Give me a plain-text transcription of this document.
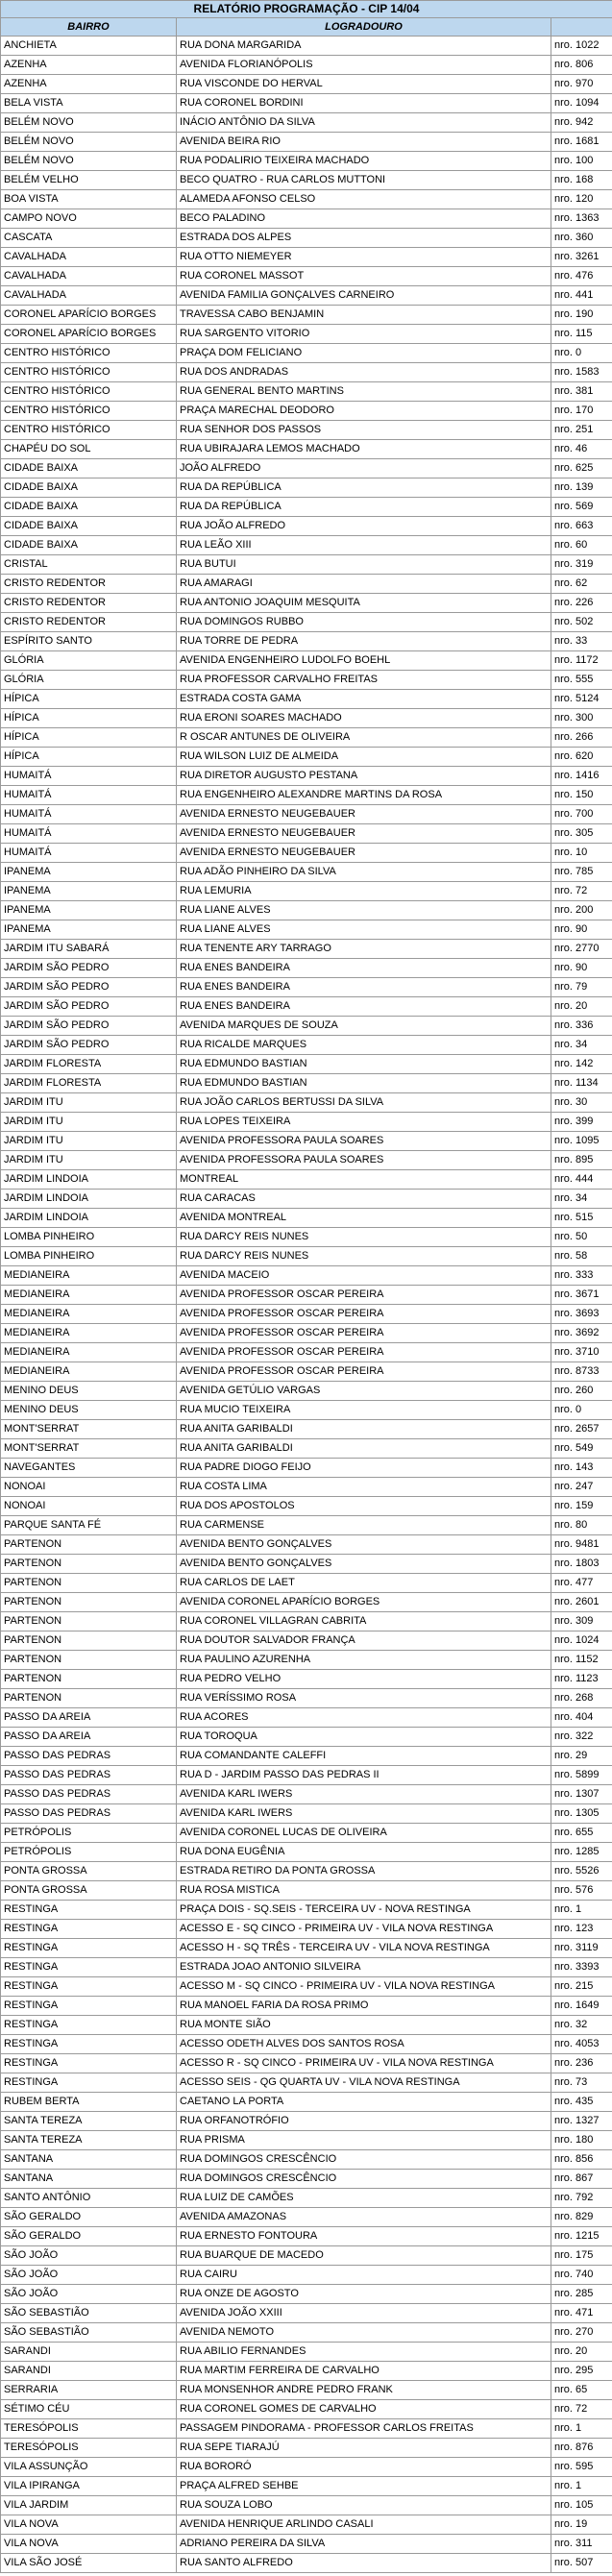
RELATÓRIO PROGRAMAÇÃO - CIP 14/04		
BAIRRO	LOGRADOURO	
ANCHIETA	RUA DONA MARGARIDA	nro. 1022
AZENHA	AVENIDA FLORIANÓPOLIS	nro. 806
AZENHA	RUA VISCONDE DO HERVAL	nro. 970
BELA VISTA	RUA CORONEL BORDINI	nro. 1094
BELÉM NOVO	INÁCIO ANTÔNIO DA SILVA	nro. 942
BELÉM NOVO	AVENIDA BEIRA RIO	nro. 1681
BELÉM NOVO	RUA PODALIRIO TEIXEIRA MACHADO	nro. 100
BELÉM VELHO	BECO QUATRO - RUA CARLOS MUTTONI	nro. 168
BOA VISTA	ALAMEDA AFONSO CELSO	nro. 120
CAMPO NOVO	BECO PALADINO	nro. 1363
CASCATA	ESTRADA DOS ALPES	nro. 360
CAVALHADA	RUA OTTO NIEMEYER	nro. 3261
CAVALHADA	RUA CORONEL MASSOT	nro. 476
CAVALHADA	AVENIDA FAMILIA GONÇALVES CARNEIRO	nro. 441
CORONEL APARÍCIO BORGES	TRAVESSA CABO BENJAMIN	nro. 190
CORONEL APARÍCIO BORGES	RUA SARGENTO VITORIO	nro. 115
CENTRO HISTÓRICO	PRAÇA DOM FELICIANO	nro. 0
CENTRO HISTÓRICO	RUA DOS ANDRADAS	nro. 1583
CENTRO HISTÓRICO	RUA GENERAL BENTO MARTINS	nro. 381
CENTRO HISTÓRICO	PRAÇA MARECHAL DEODORO	nro. 170
CENTRO HISTÓRICO	RUA SENHOR DOS PASSOS	nro. 251
CHAPÉU DO SOL	RUA UBIRAJARA LEMOS MACHADO	nro. 46
CIDADE BAIXA	JOÃO ALFREDO	nro. 625
CIDADE BAIXA	RUA DA REPÚBLICA	nro. 139
CIDADE BAIXA	RUA DA REPÚBLICA	nro. 569
CIDADE BAIXA	RUA JOÃO ALFREDO	nro. 663
CIDADE BAIXA	RUA LEÃO XIII	nro. 60
CRISTAL	RUA BUTUI	nro. 319
CRISTO REDENTOR	RUA AMARAGI	nro. 62
CRISTO REDENTOR	RUA ANTONIO JOAQUIM MESQUITA	nro. 226
CRISTO REDENTOR	RUA DOMINGOS RUBBO	nro. 502
ESPÍRITO SANTO	RUA TORRE DE PEDRA	nro. 33
GLÓRIA	AVENIDA ENGENHEIRO LUDOLFO BOEHL	nro. 1172
GLÓRIA	RUA PROFESSOR CARVALHO FREITAS	nro. 555
HÍPICA	ESTRADA COSTA GAMA	nro. 5124
HÍPICA	RUA ERONI SOARES MACHADO	nro. 300
HÍPICA	R OSCAR ANTUNES DE OLIVEIRA	nro. 266
HÍPICA	RUA WILSON LUIZ DE ALMEIDA	nro. 620
HUMAITÁ	RUA DIRETOR AUGUSTO PESTANA	nro. 1416
HUMAITÁ	RUA ENGENHEIRO ALEXANDRE MARTINS DA ROSA	nro. 150
HUMAITÁ	AVENIDA ERNESTO NEUGEBAUER	nro. 700
HUMAITÁ	AVENIDA ERNESTO NEUGEBAUER	nro. 305
HUMAITÁ	AVENIDA ERNESTO NEUGEBAUER	nro. 10
IPANEMA	RUA ADÃO PINHEIRO DA SILVA	nro. 785
IPANEMA	RUA LEMURIA	nro. 72
IPANEMA	RUA LIANE ALVES	nro. 200
IPANEMA	RUA LIANE ALVES	nro. 90
JARDIM ITU SABARÁ	RUA TENENTE ARY TARRAGO	nro. 2770
JARDIM SÃO PEDRO	RUA ENES BANDEIRA	nro. 90
JARDIM SÃO PEDRO	RUA ENES BANDEIRA	nro. 79
JARDIM SÃO PEDRO	RUA ENES BANDEIRA	nro. 20
JARDIM SÃO PEDRO	AVENIDA MARQUES DE SOUZA	nro. 336
JARDIM SÃO PEDRO	RUA RICALDE MARQUES	nro. 34
JARDIM FLORESTA	RUA EDMUNDO BASTIAN	nro. 142
JARDIM FLORESTA	RUA EDMUNDO BASTIAN	nro. 1134
JARDIM ITU	RUA JOÃO CARLOS BERTUSSI DA SILVA	nro. 30
JARDIM ITU	RUA LOPES TEIXEIRA	nro. 399
JARDIM ITU	AVENIDA PROFESSORA PAULA SOARES	nro. 1095
JARDIM ITU	AVENIDA PROFESSORA PAULA SOARES	nro. 895
JARDIM LINDOIA	MONTREAL	nro. 444
JARDIM LINDOIA	RUA CARACAS	nro. 34
JARDIM LINDOIA	AVENIDA MONTREAL	nro. 515
LOMBA PINHEIRO	RUA DARCY REIS NUNES	nro. 50
LOMBA PINHEIRO	RUA DARCY REIS NUNES	nro. 58
MEDIANEIRA	AVENIDA MACEIO	nro. 333
MEDIANEIRA	AVENIDA PROFESSOR OSCAR PEREIRA	nro. 3671
MEDIANEIRA	AVENIDA PROFESSOR OSCAR PEREIRA	nro. 3693
MEDIANEIRA	AVENIDA PROFESSOR OSCAR PEREIRA	nro. 3692
MEDIANEIRA	AVENIDA PROFESSOR OSCAR PEREIRA	nro. 3710
MEDIANEIRA	AVENIDA PROFESSOR OSCAR PEREIRA	nro. 8733
MENINO DEUS	AVENIDA GETÚLIO VARGAS	nro. 260
MENINO DEUS	RUA MUCIO TEIXEIRA	nro. 0
MONT'SERRAT	RUA ANITA GARIBALDI	nro. 2657
MONT'SERRAT	RUA ANITA GARIBALDI	nro. 549
NAVEGANTES	RUA PADRE DIOGO FEIJO	nro. 143
NONOAI	RUA COSTA LIMA	nro. 247
NONOAI	RUA DOS APOSTOLOS	nro. 159
PARQUE SANTA FÉ	RUA CARMENSE	nro. 80
PARTENON	AVENIDA BENTO GONÇALVES	nro. 9481
PARTENON	AVENIDA BENTO GONÇALVES	nro. 1803
PARTENON	RUA CARLOS DE LAET	nro. 477
PARTENON	AVENIDA CORONEL APARÍCIO BORGES	nro. 2601
PARTENON	RUA CORONEL VILLAGRAN CABRITA	nro. 309
PARTENON	RUA DOUTOR SALVADOR FRANÇA	nro. 1024
PARTENON	RUA PAULINO AZURENHA	nro. 1152
PARTENON	RUA PEDRO VELHO	nro. 1123
PARTENON	RUA VERÍSSIMO ROSA	nro. 268
PASSO DA AREIA	RUA ACORES	nro. 404
PASSO DA AREIA	RUA TOROQUA	nro. 322
PASSO DAS PEDRAS	RUA COMANDANTE CALEFFI	nro. 29
PASSO DAS PEDRAS	RUA D - JARDIM PASSO DAS PEDRAS II	nro. 5899
PASSO DAS PEDRAS	AVENIDA KARL IWERS	nro. 1307
PASSO DAS PEDRAS	AVENIDA KARL IWERS	nro. 1305
PETRÓPOLIS	AVENIDA CORONEL LUCAS DE OLIVEIRA	nro. 655
PETRÓPOLIS	RUA DONA EUGÊNIA	nro. 1285
PONTA GROSSA	ESTRADA RETIRO DA PONTA GROSSA	nro. 5526
PONTA GROSSA	RUA ROSA MISTICA	nro. 576
RESTINGA	PRAÇA DOIS - SQ.SEIS - TERCEIRA UV - NOVA RESTINGA	nro. 1
RESTINGA	ACESSO E - SQ CINCO - PRIMEIRA UV - VILA NOVA RESTINGA	nro. 123
RESTINGA	ACESSO H - SQ TRÊS - TERCEIRA UV - VILA NOVA RESTINGA	nro. 3119
RESTINGA	ESTRADA JOAO ANTONIO SILVEIRA	nro. 3393
RESTINGA	ACESSO M - SQ CINCO - PRIMEIRA UV - VILA NOVA RESTINGA	nro. 215
RESTINGA	RUA MANOEL FARIA DA ROSA PRIMO	nro. 1649
RESTINGA	RUA MONTE SIÃO	nro. 32
RESTINGA	ACESSO ODETH ALVES DOS SANTOS ROSA	nro. 4053
RESTINGA	ACESSO R - SQ CINCO - PRIMEIRA UV - VILA NOVA RESTINGA	nro. 236
RESTINGA	ACESSO SEIS - QG QUARTA UV - VILA NOVA RESTINGA	nro. 73
RUBEM BERTA	CAETANO LA PORTA	nro. 435
SANTA TEREZA	RUA ORFANOTRÓFIO	nro. 1327
SANTA TEREZA	RUA PRISMA	nro. 180
SANTANA	RUA DOMINGOS CRESCÊNCIO	nro. 856
SANTANA	RUA DOMINGOS CRESCÊNCIO	nro. 867
SANTO ANTÔNIO	RUA LUIZ DE CAMÕES	nro. 792
SÃO GERALDO	AVENIDA AMAZONAS	nro. 829
SÃO GERALDO	RUA ERNESTO FONTOURA	nro. 1215
SÃO JOÃO	RUA BUARQUE DE MACEDO	nro. 175
SÃO JOÃO	RUA CAIRU	nro. 740
SÃO JOÃO	RUA ONZE DE AGOSTO	nro. 285
SÃO SEBASTIÃO	AVENIDA JOÃO XXIII	nro. 471
SÃO SEBASTIÃO	AVENIDA NEMOTO	nro. 270
SARANDI	RUA ABILIO FERNANDES	nro. 20
SARANDI	RUA MARTIM FERREIRA DE CARVALHO	nro. 295
SERRARIA	RUA MONSENHOR ANDRE PEDRO FRANK	nro. 65
SÉTIMO CÉU	RUA CORONEL GOMES DE CARVALHO	nro. 72
TERESÓPOLIS	PASSAGEM PINDORAMA - PROFESSOR CARLOS FREITAS	nro. 1
TERESÓPOLIS	RUA SEPE TIARAJÚ	nro. 876
VILA ASSUNÇÃO	RUA BORORÓ	nro. 595
VILA IPIRANGA	PRAÇA ALFRED SEHBE	nro. 1
VILA JARDIM	RUA SOUZA LOBO	nro. 105
VILA NOVA	AVENIDA HENRIQUE ARLINDO CASALI	nro. 19
VILA NOVA	ADRIANO PEREIRA DA SILVA	nro. 311
VILA SÃO JOSÉ	RUA SANTO ALFREDO	nro. 507
